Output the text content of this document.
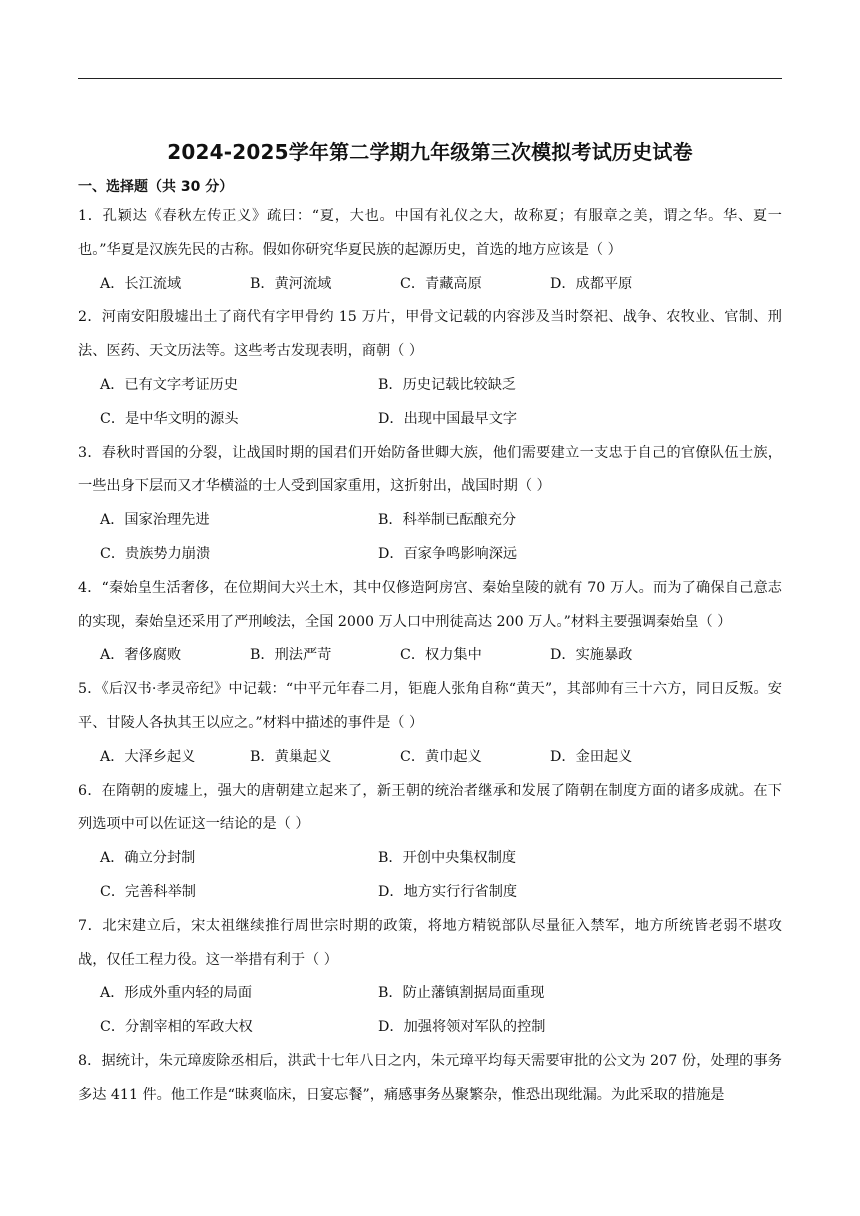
2024-2025学年第二学期九年级第三次模拟考试历史试卷
一、选择题（共 30 分）
1．孔颖达《春秋左传正义》疏曰：“夏，大也。中国有礼仪之大，故称夏；有服章之美，谓之华。华、夏一也。”华夏是汉族先民的古称。假如你研究华夏民族的起源历史，首选的地方应该是（ ）
A．长江流域	B．黄河流域	C．青藏高原	D．成都平原
2．河南安阳殷墟出土了商代有字甲骨约 15 万片，甲骨文记载的内容涉及当时祭祀、战争、农牧业、官制、刑法、医药、天文历法等。这些考古发现表明，商朝（ ）
A．已有文字考证历史	B．历史记载比较缺乏
C．是中华文明的源头	D．出现中国最早文字
3．春秋时晋国的分裂，让战国时期的国君们开始防备世卿大族，他们需要建立一支忠于自己的官僚队伍士族，一些出身下层而又才华横溢的士人受到国家重用，这折射出，战国时期（ ）
A．国家治理先进	B．科举制已酝酿充分
C．贵族势力崩溃	D．百家争鸣影响深远
4．“秦始皇生活奢侈，在位期间大兴土木，其中仅修造阿房宫、秦始皇陵的就有 70 万人。而为了确保自己意志的实现，秦始皇还采用了严刑峻法，全国 2000 万人口中刑徒高达 200 万人。”材料主要强调秦始皇（ ）
A．奢侈腐败	B．刑法严苛	C．权力集中	D．实施暴政
5．《后汉书·孝灵帝纪》中记载：“中平元年春二月，钜鹿人张角自称“黄天”，其部帅有三十六方，同日反叛。安平、甘陵人各执其王以应之。”材料中描述的事件是（ ）
A．大泽乡起义	B．黄巢起义	C．黄巾起义	D．金田起义
6．在隋朝的废墟上，强大的唐朝建立起来了，新王朝的统治者继承和发展了隋朝在制度方面的诸多成就。在下列选项中可以佐证这一结论的是（ ）
A．确立分封制	B．开创中央集权制度
C．完善科举制	D．地方实行行省制度
7．北宋建立后，宋太祖继续推行周世宗时期的政策，将地方精锐部队尽量征入禁军，地方所统皆老弱不堪攻战，仅任工程力役。这一举措有利于（ ）
A．形成外重内轻的局面	B．防止藩镇割据局面重现
C．分割宰相的军政大权	D．加强将领对军队的控制
8．据统计，朱元璋废除丞相后，洪武十七年八日之内，朱元璋平均每天需要审批的公文为 207 份，处理的事务多达 411 件。他工作是“昧爽临床，日宴忘餐”，痛感事务丛聚繁杂，惟恐出现纰漏。为此采取的措施是
